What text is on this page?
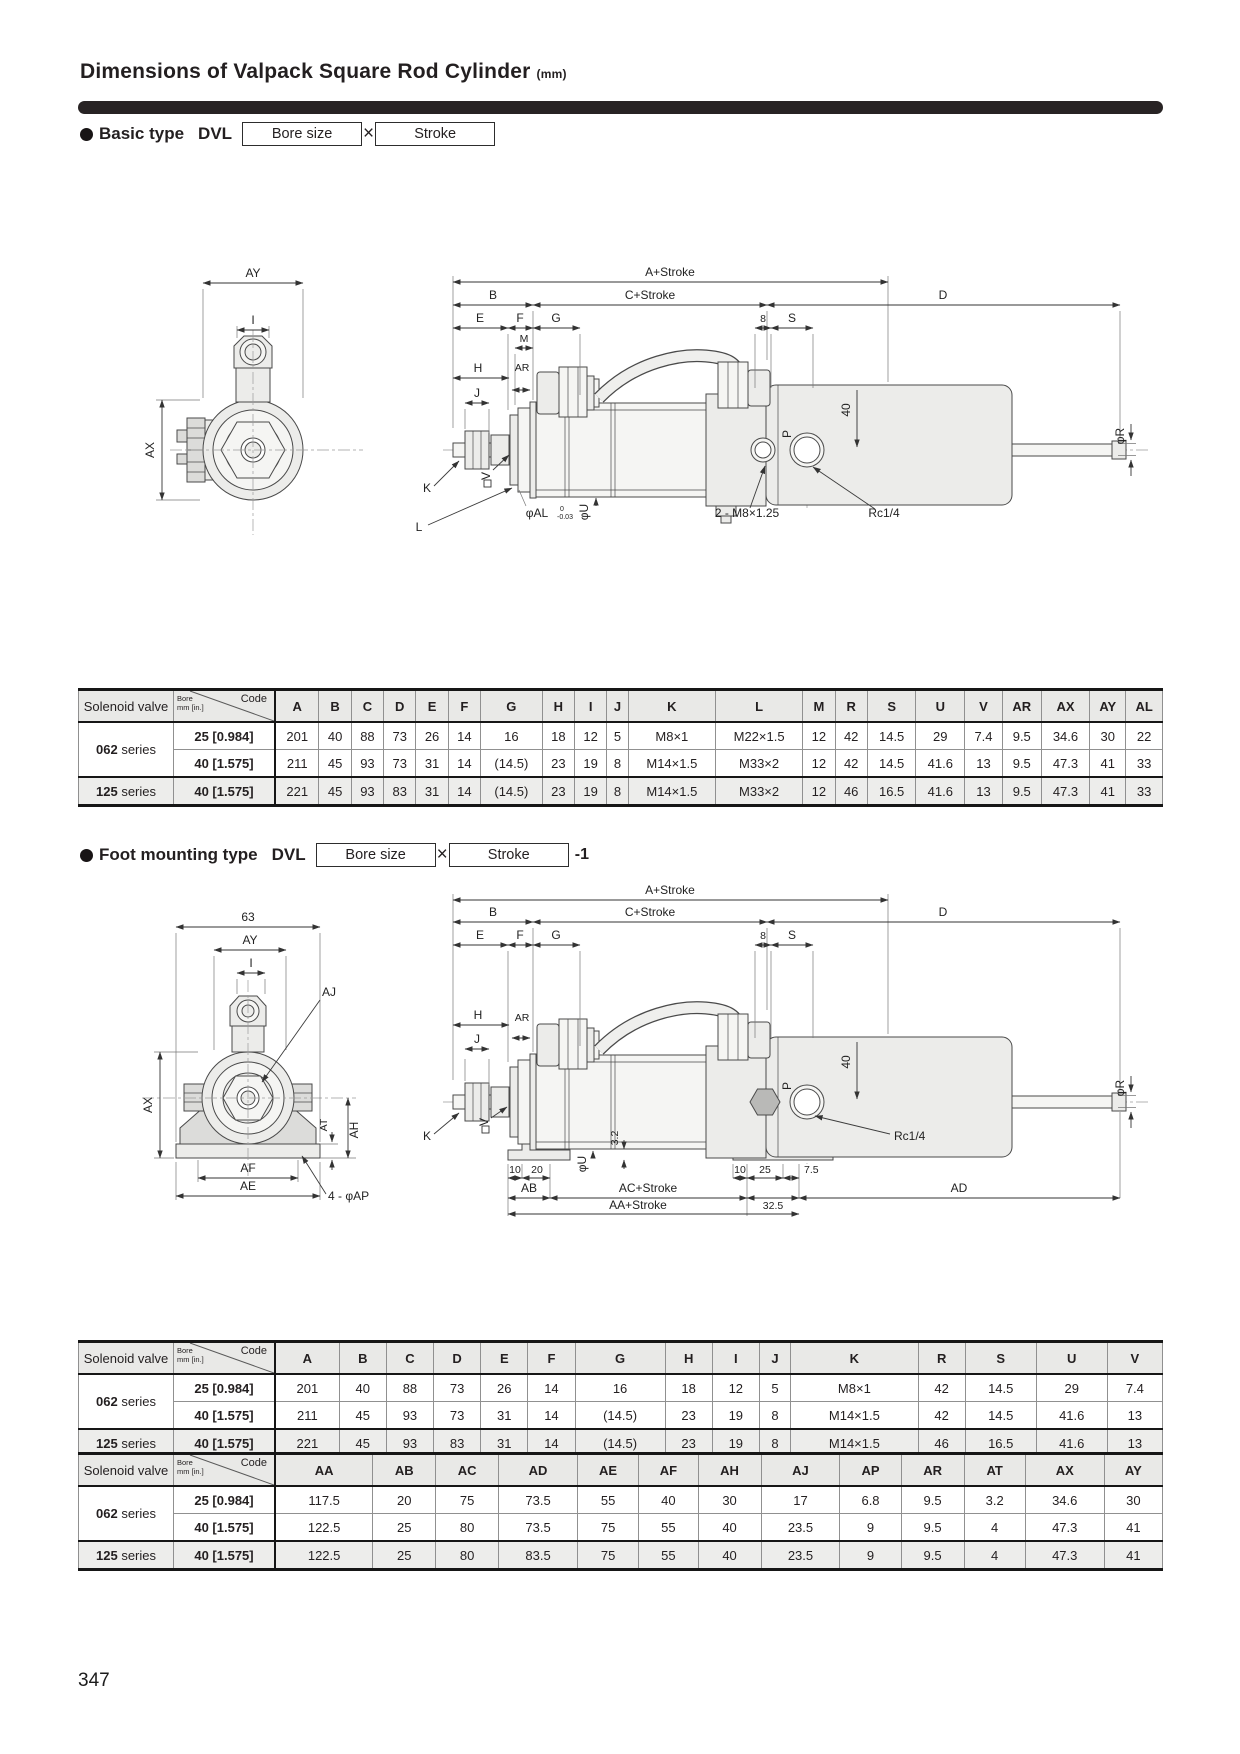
Dimensions of Valpack Square Rod Cylinder (mm)
Basic type DVL	Bore size	×	Stroke
AY
I
AX
A+Stroke
B	C+Stroke	D
E	F G	8 S
M
H	AR
J
40
φR
K
V
φAL 0
-0.03 φU	2 - M8×1.25	Rc1/4
L
P
Solenoid valve	Bore
mm [in.]
Code	A	B	C	D	E	F	G	H	I	J	K	L	M	R	S	U	V	AR	AX	AY	AL
062 series	25 [0.984]	201	40	88	73	26	14	16	18	12	5	M8×1	M22×1.5	12	42	14.5	29	7.4	9.5	34.6	30	22
	40 [1.575]	211	45	93	73	31	14	(14.5)	23	19	8	M14×1.5	M33×2	12	42	14.5	41.6	13	9.5	47.3	41	33
125 series	40 [1.575]	221	45	93	83	31	14	(14.5)	23	19	8	M14×1.5	M33×2	12	46	16.5	41.6	13	9.5	47.3	41	33
Foot mounting type DVL	Bore size	×	Stroke	-1
63
AY
I
AJ
AX
AH
AT
AF
AE
4 - φAP
A+Stroke
B	C+Stroke	D
E	F G	8 S
H	AR
J
40
φR
K
V
φU
3.2
P
Rc1/4
10 20	10 25	7.5
AB	AC+Stroke
32.5
AD
AA+Stroke
Solenoid valve	Bore
mm [in.]
Code	A	B	C	D	E	F	G	H	I	J	K	R	S	U	V
062 series	25 [0.984]	201	40	88	73	26	14	16	18	12	5	M8×1	42	14.5	29	7.4
	40 [1.575]	211	45	93	73	31	14	(14.5)	23	19	8	M14×1.5	42	14.5	41.6	13
125 series	40 [1.575]	221	45	93	83	31	14	(14.5)	23	19	8	M14×1.5	46	16.5	41.6	13
Solenoid valve	Bore
mm [in.]
Code	AA	AB	AC	AD	AE	AF	AH	AJ	AP	AR	AT	AX	AY
062 series	25 [0.984]	117.5	20	75	73.5	55	40	30	17	6.8	9.5	3.2	34.6	30
	40 [1.575]	122.5	25	80	73.5	75	55	40	23.5	9	9.5	4	47.3	41
125 series	40 [1.575]	122.5	25	80	83.5	75	55	40	23.5	9	9.5	4	47.3	41
347
